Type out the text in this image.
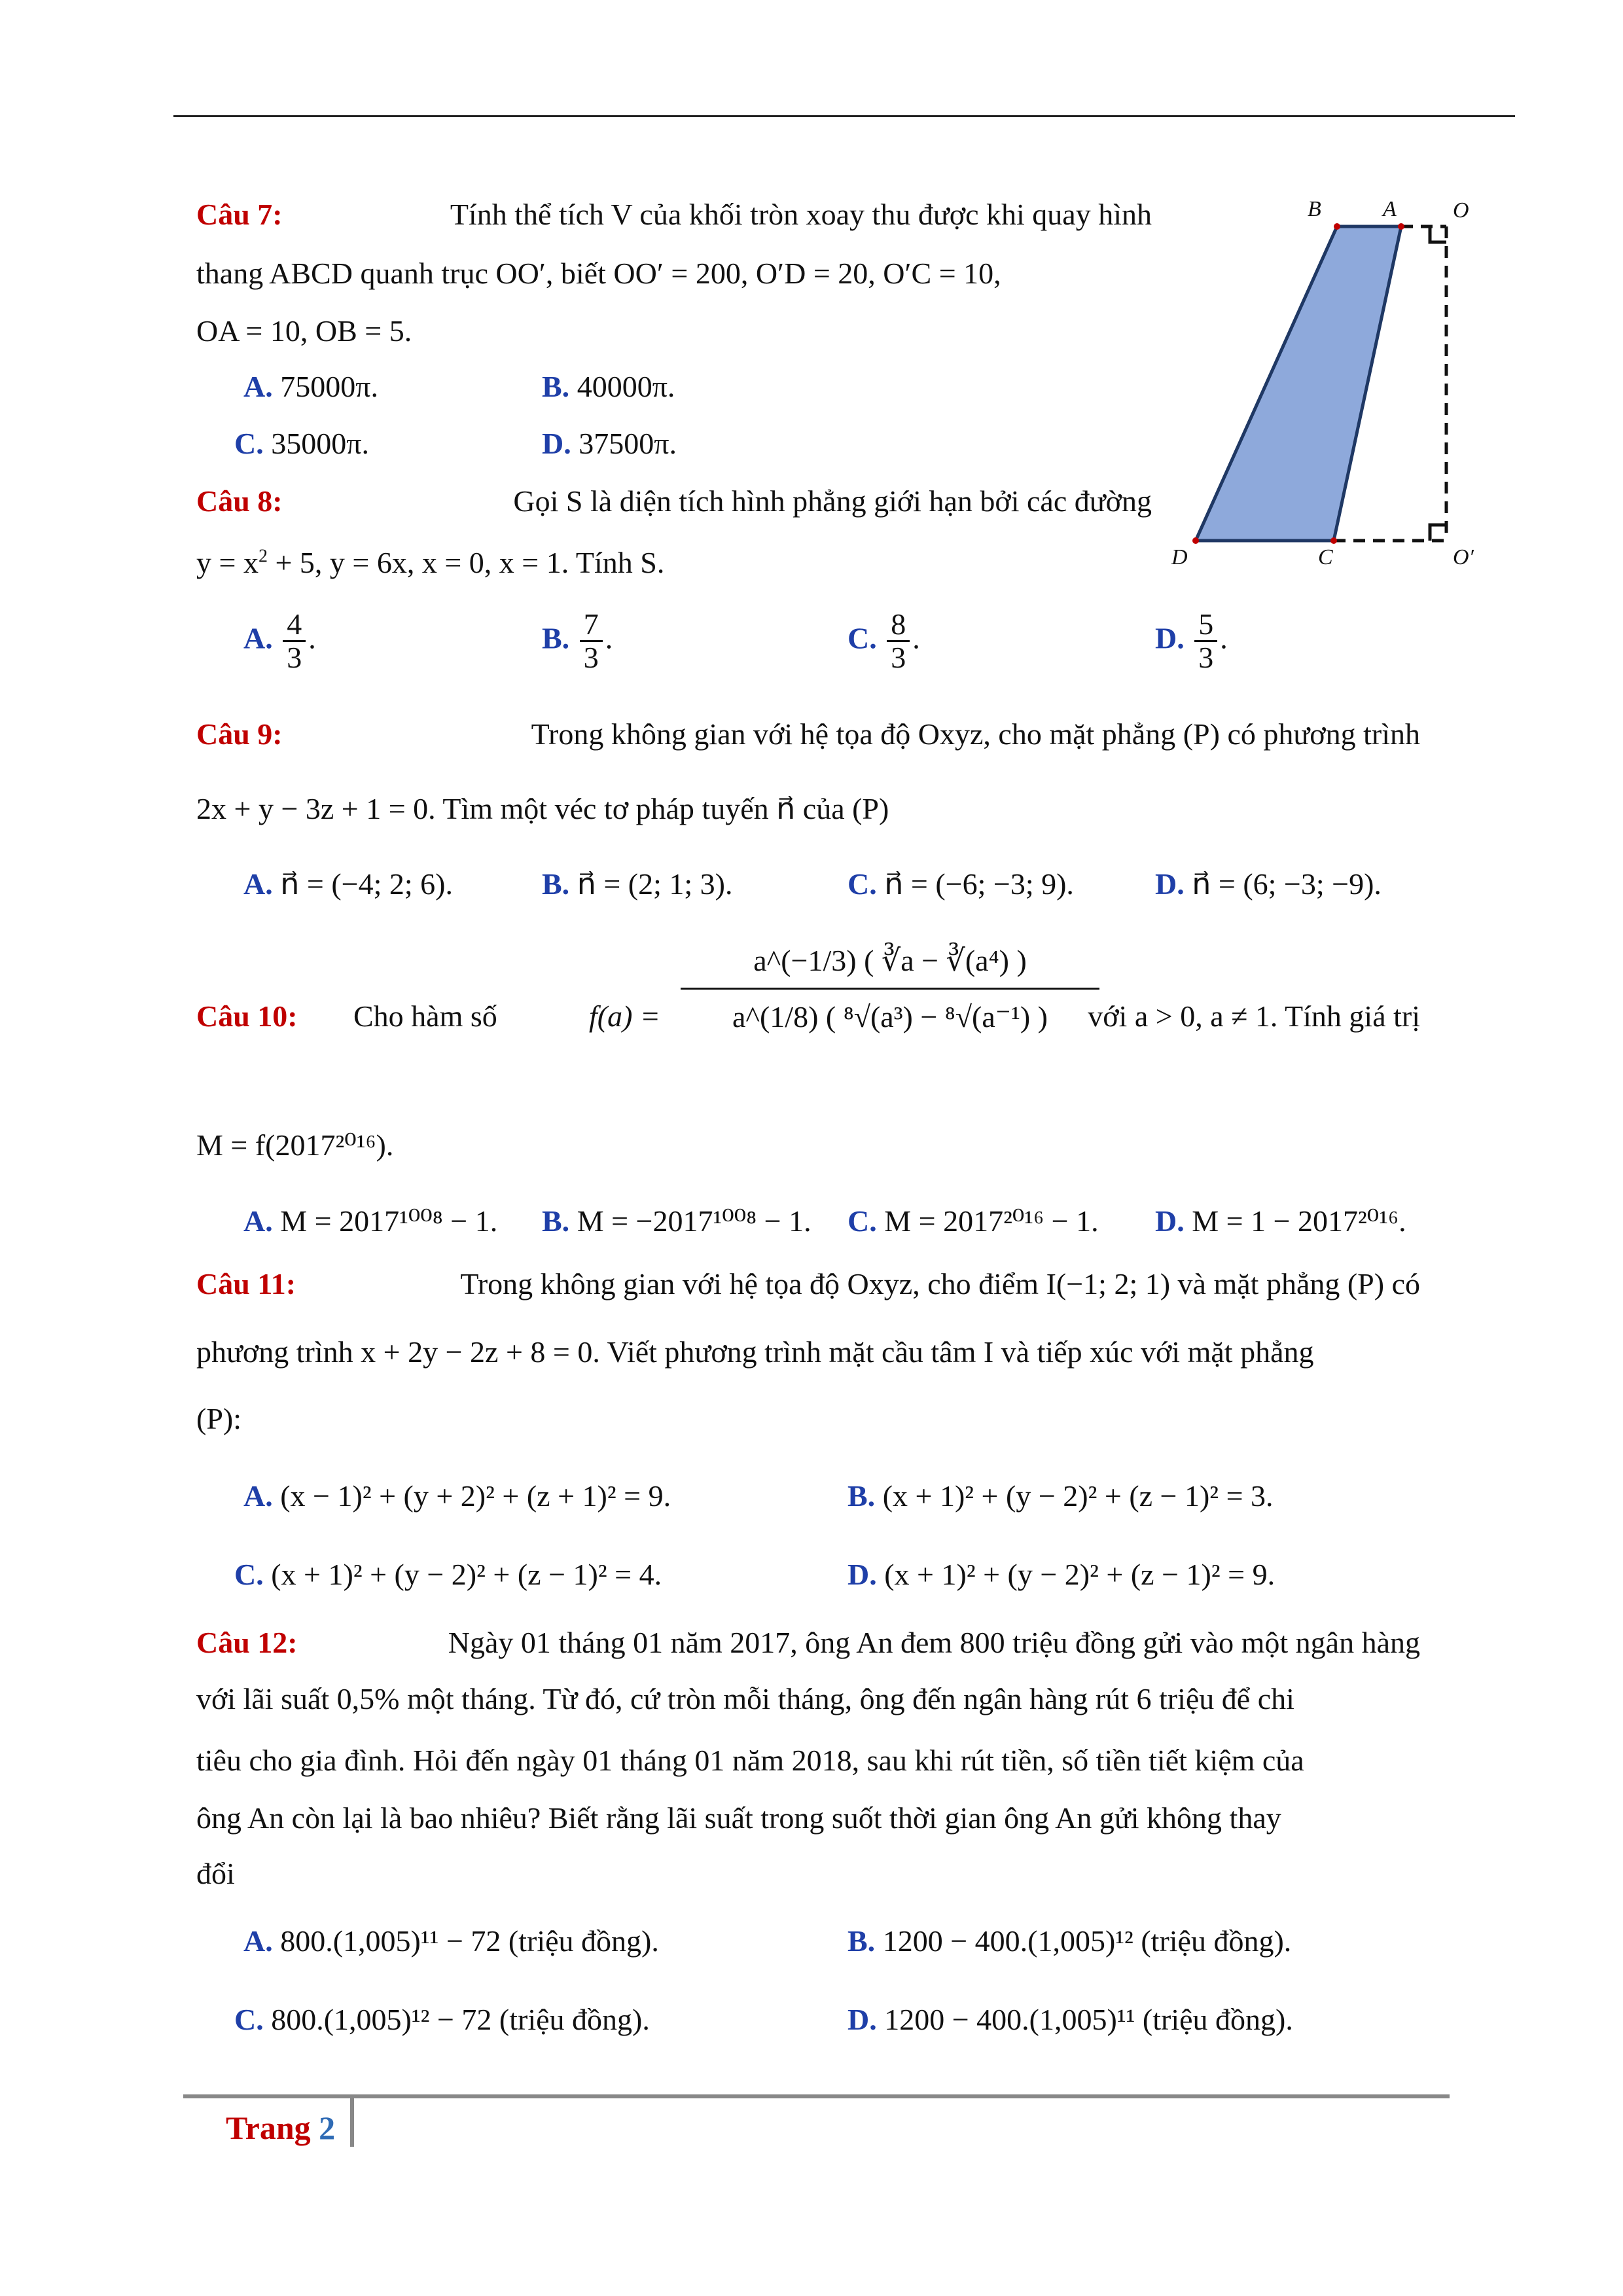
B	A	O
D	C	O′
Câu 7:	Tính thể tích V của khối tròn xoay thu được khi quay hình
thang ABCD quanh trục OO′, biết OO′ = 200, O′D = 20, O′C = 10,
OA = 10, OB = 5.
A. 75000π.	B. 40000π.
C. 35000π.	D. 37500π.
Câu 8:	Gọi S là diện tích hình phẳng giới hạn bởi các đường
$y = x^2 + 5$, y = 6x, x = 0, x = 1. Tính S.
A. $\frac{4}{3}$ .	B. $\frac{7}{3}$ .	C. $\frac{8}{3}$ .	D. $\frac{5}{3}$ .
Câu 9:	Trong không gian với hệ tọa độ Oxyz, cho mặt phẳng (P) có phương trình
2x + y − 3z + 1 = 0. Tìm một véc tơ pháp tuyến n⃗ của (P)
A. n⃗ = (−4; 2; 6).	B. n⃗ = (2; 1; 3).	C. n⃗ = (−6; −3; 9).	D. n⃗ = (6; −3; −9).
Câu 10: Cho hàm số	$f(a) = \frac{\text{a\textasciicircum{}(−1/3) ( ∛a − ∛(a⁴) )}}{\text{a\textasciicircum{}(1/8) ( ⁸√(a³) − ⁸√(a⁻¹) )}}$
với a > 0, a ≠ 1. Tính giá trị
M = f(2017²⁰¹⁶).
A. M = 2017¹⁰⁰⁸ − 1. B. M = −2017¹⁰⁰⁸ − 1. C. M = 2017²⁰¹⁶ − 1. D. M = 1 − 2017²⁰¹⁶.
Câu 11:	Trong không gian với hệ tọa độ Oxyz, cho điểm I(−1; 2; 1) và mặt phẳng (P) có
phương trình x + 2y − 2z + 8 = 0. Viết phương trình mặt cầu tâm I và tiếp xúc với mặt phẳng
(P):
A. (x − 1)² + (y + 2)² + (z + 1)² = 9.	B. (x + 1)² + (y − 2)² + (z − 1)² = 3.
C. (x + 1)² + (y − 2)² + (z − 1)² = 4.	D. (x + 1)² + (y − 2)² + (z − 1)² = 9.
Câu 12:	Ngày 01 tháng 01 năm 2017, ông An đem 800 triệu đồng gửi vào một ngân hàng
với lãi suất 0,5% một tháng. Từ đó, cứ tròn mỗi tháng, ông đến ngân hàng rút 6 triệu để chi
tiêu cho gia đình. Hỏi đến ngày 01 tháng 01 năm 2018, sau khi rút tiền, số tiền tiết kiệm của
ông An còn lại là bao nhiêu? Biết rằng lãi suất trong suốt thời gian ông An gửi không thay
đổi
A. 800.(1,005)¹¹ − 72 (triệu đồng).	B. 1200 − 400.(1,005)¹² (triệu đồng).
C. 800.(1,005)¹² − 72 (triệu đồng).	D. 1200 − 400.(1,005)¹¹ (triệu đồng).
Trang 2
